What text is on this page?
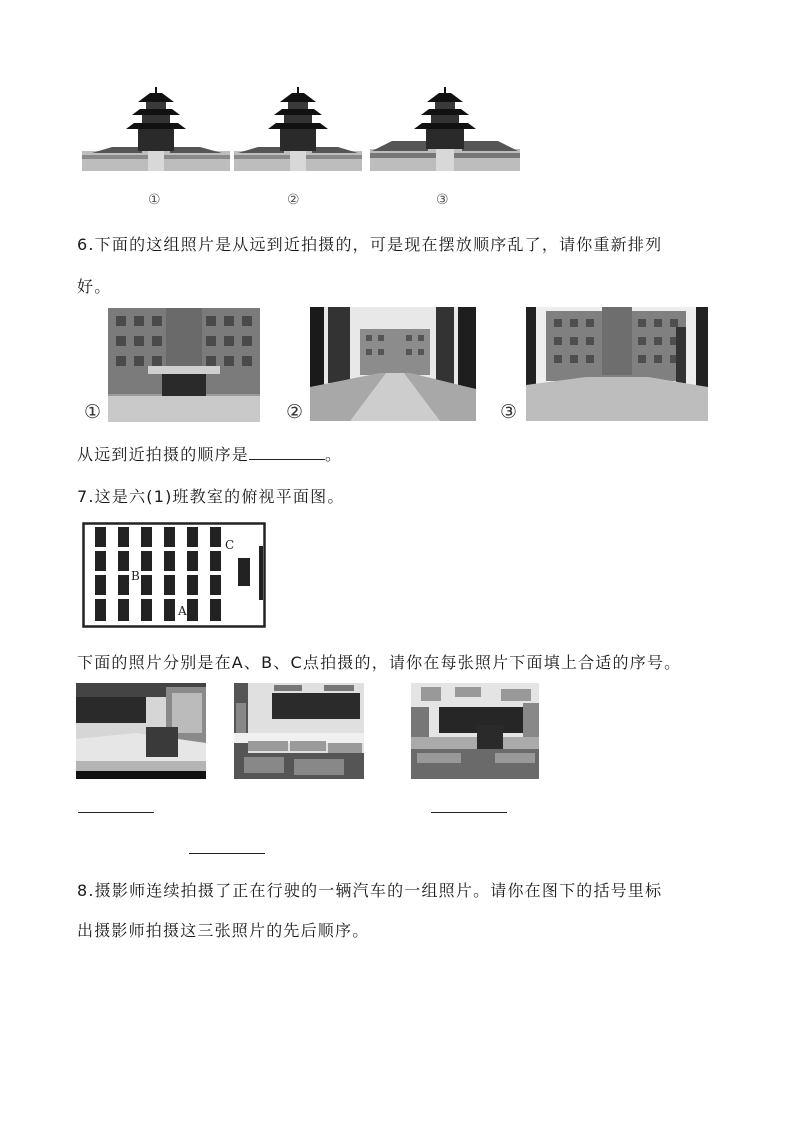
①	②	③
6.下面的这组照片是从远到近拍摄的，可是现在摆放顺序乱了，请你重新排列
好。
①	②	③
从远到近拍摄的顺序是	。
7.这是六(1)班教室的俯视平面图。
B
A
C
下面的照片分别是在A、B、C点拍摄的，请你在每张照片下面填上合适的序号。
8.摄影师连续拍摄了正在行驶的一辆汽车的一组照片。请你在图下的括号里标
出摄影师拍摄这三张照片的先后顺序。
